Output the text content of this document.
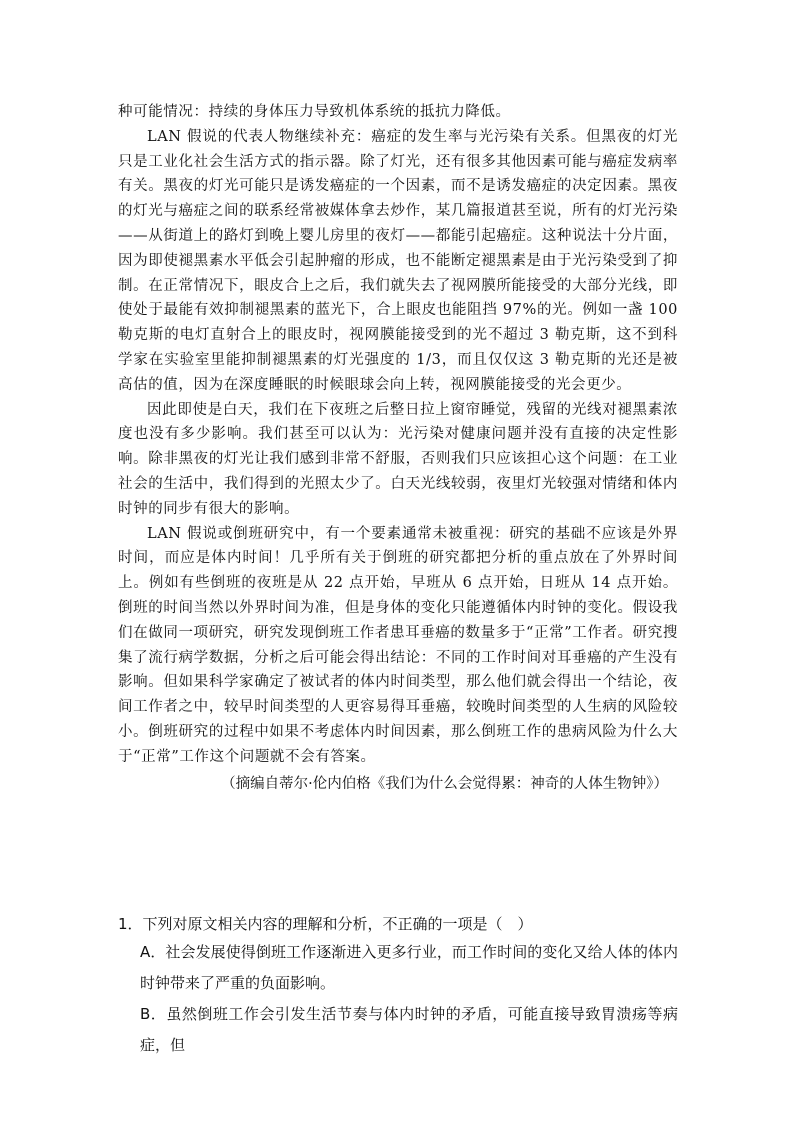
种可能情况：持续的身体压力导致机体系统的抵抗力降低。

LAN 假说的代表人物继续补充：癌症的发生率与光污染有关系。但黑夜的灯光只是工业化社会生活方式的指示器。除了灯光，还有很多其他因素可能与癌症发病率有关。黑夜的灯光可能只是诱发癌症的一个因素，而不是诱发癌症的决定因素。黑夜的灯光与癌症之间的联系经常被媒体拿去炒作，某几篇报道甚至说，所有的灯光污染——从街道上的路灯到晚上婴儿房里的夜灯——都能引起癌症。这种说法十分片面，因为即使褪黑素水平低会引起肿瘤的形成，也不能断定褪黑素是由于光污染受到了抑制。在正常情况下，眼皮合上之后，我们就失去了视网膜所能接受的大部分光线，即使处于最能有效抑制褪黑素的蓝光下，合上眼皮也能阻挡 97%的光。例如一盏 100 勒克斯的电灯直射合上的眼皮时，视网膜能接受到的光不超过 3 勒克斯，这不到科学家在实验室里能抑制褪黑素的灯光强度的 1/3，而且仅仅这 3 勒克斯的光还是被高估的值，因为在深度睡眠的时候眼球会向上转，视网膜能接受的光会更少。

因此即使是白天，我们在下夜班之后整日拉上窗帘睡觉，残留的光线对褪黑素浓度也没有多少影响。我们甚至可以认为：光污染对健康问题并没有直接的决定性影响。除非黑夜的灯光让我们感到非常不舒服，否则我们只应该担心这个问题：在工业社会的生活中，我们得到的光照太少了。白天光线较弱，夜里灯光较强对情绪和体内时钟的同步有很大的影响。

LAN 假说或倒班研究中，有一个要素通常未被重视：研究的基础不应该是外界时间，而应是体内时间！几乎所有关于倒班的研究都把分析的重点放在了外界时间上。例如有些倒班的夜班是从 22 点开始，早班从 6 点开始，日班从 14 点开始。倒班的时间当然以外界时间为准，但是身体的变化只能遵循体内时钟的变化。假设我们在做同一项研究，研究发现倒班工作者患耳垂癌的数量多于“正常”工作者。研究搜集了流行病学数据，分析之后可能会得出结论：不同的工作时间对耳垂癌的产生没有影响。但如果科学家确定了被试者的体内时间类型，那么他们就会得出一个结论，夜间工作者之中，较早时间类型的人更容易得耳垂癌，较晚时间类型的人生病的风险较小。倒班研究的过程中如果不考虑体内时间因素，那么倒班工作的患病风险为什么大于“正常”工作这个问题就不会有答案。

（摘编自蒂尔·伦内伯格《我们为什么会觉得累：神奇的人体生物钟》）

1．下列对原文相关内容的理解和分析，不正确的一项是（　）

A．社会发展使得倒班工作逐渐进入更多行业，而工作时间的变化又给人体的体内时钟带来了严重的负面影响。

B．虽然倒班工作会引发生活节奏与体内时钟的矛盾，可能直接导致胃溃疡等病症，但
